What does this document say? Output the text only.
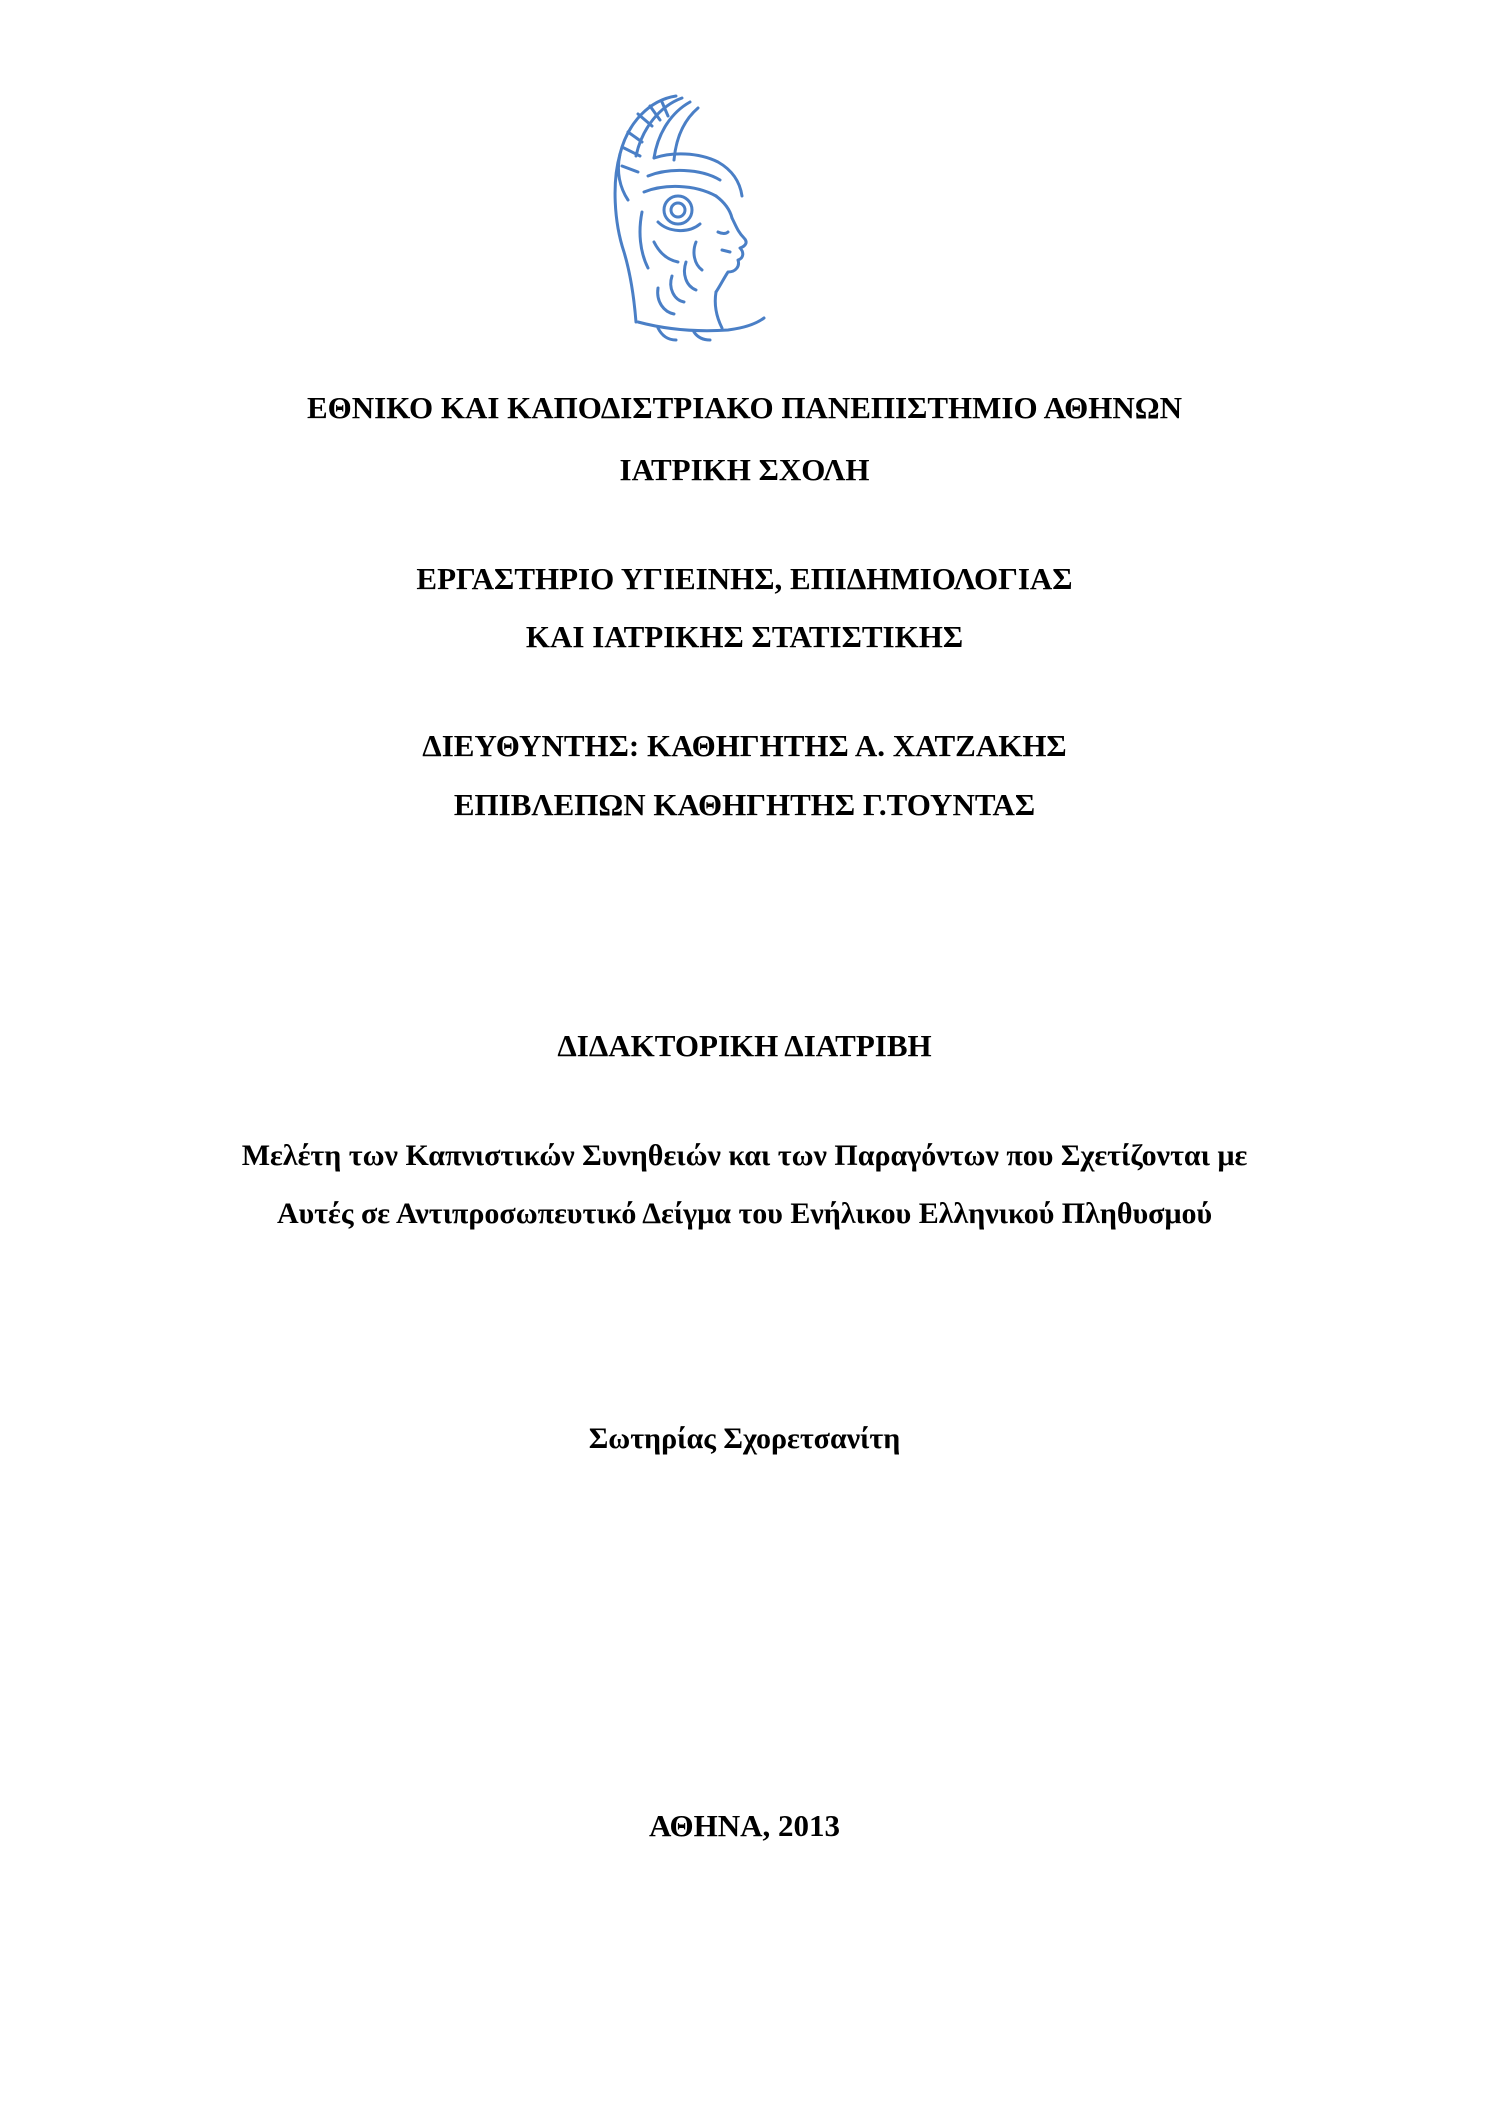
ΕΘΝΙΚΟ ΚΑΙ ΚΑΠΟΔΙΣΤΡΙΑΚΟ ΠΑΝΕΠΙΣΤΗΜΙΟ ΑΘΗΝΩΝ
ΙΑΤΡΙΚΗ ΣΧΟΛΗ
ΕΡΓΑΣΤΗΡΙΟ ΥΓΙΕΙΝΗΣ, ΕΠΙΔΗΜΙΟΛΟΓΙΑΣ
ΚΑΙ ΙΑΤΡΙΚΗΣ ΣΤΑΤΙΣΤΙΚΗΣ
ΔΙΕΥΘΥΝΤΗΣ: ΚΑΘΗΓΗΤΗΣ Α. ΧΑΤΖΑΚΗΣ
ΕΠΙΒΛΕΠΩΝ ΚΑΘΗΓΗΤΗΣ Γ.ΤΟΥΝΤΑΣ
ΔΙΔΑΚΤΟΡΙΚΗ ΔΙΑΤΡΙΒΗ
Μελέτη των Καπνιστικών Συνηθειών και των Παραγόντων που Σχετίζονται με
Αυτές σε Αντιπροσωπευτικό Δείγμα του Ενήλικου Ελληνικού Πληθυσμού
Σωτηρίας Σχορετσανίτη
ΑΘΗΝΑ, 2013
